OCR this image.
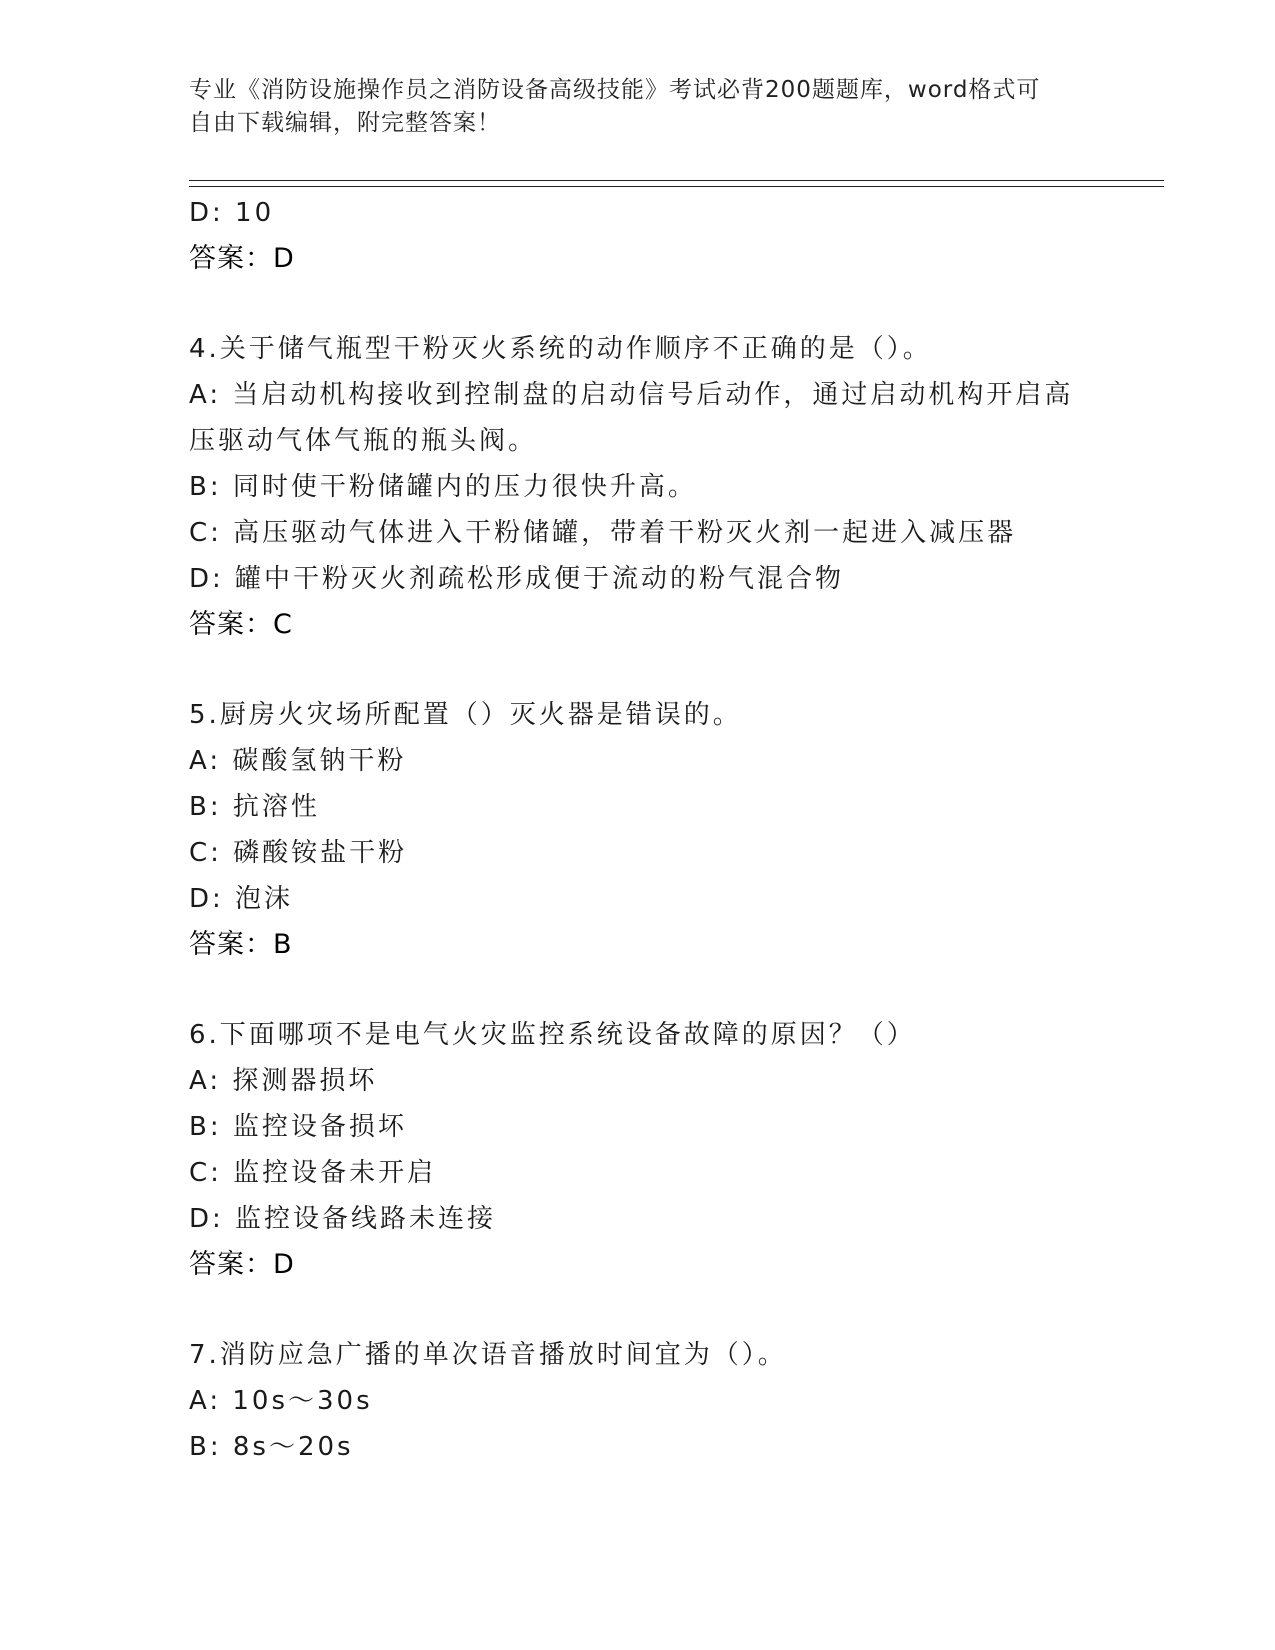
专业《消防设施操作员之消防设备高级技能》考试必背200题题库，word格式可
自由下载编辑，附完整答案！
D: 10
答案：D
4.关于储气瓶型干粉灭火系统的动作顺序不正确的是（）。
A: 当启动机构接收到控制盘的启动信号后动作，通过启动机构开启高
压驱动气体气瓶的瓶头阀。
B: 同时使干粉储罐内的压力很快升高。
C: 高压驱动气体进入干粉储罐，带着干粉灭火剂一起进入减压器
D: 罐中干粉灭火剂疏松形成便于流动的粉气混合物
答案：C
5.厨房火灾场所配置（）灭火器是错误的。
A: 碳酸氢钠干粉
B: 抗溶性
C: 磷酸铵盐干粉
D: 泡沫
答案：B
6.下面哪项不是电气火灾监控系统设备故障的原因？（）
A: 探测器损坏
B: 监控设备损坏
C: 监控设备未开启
D: 监控设备线路未连接
答案：D
7.消防应急广播的单次语音播放时间宜为（）。
A: 10s～30s
B: 8s～20s
